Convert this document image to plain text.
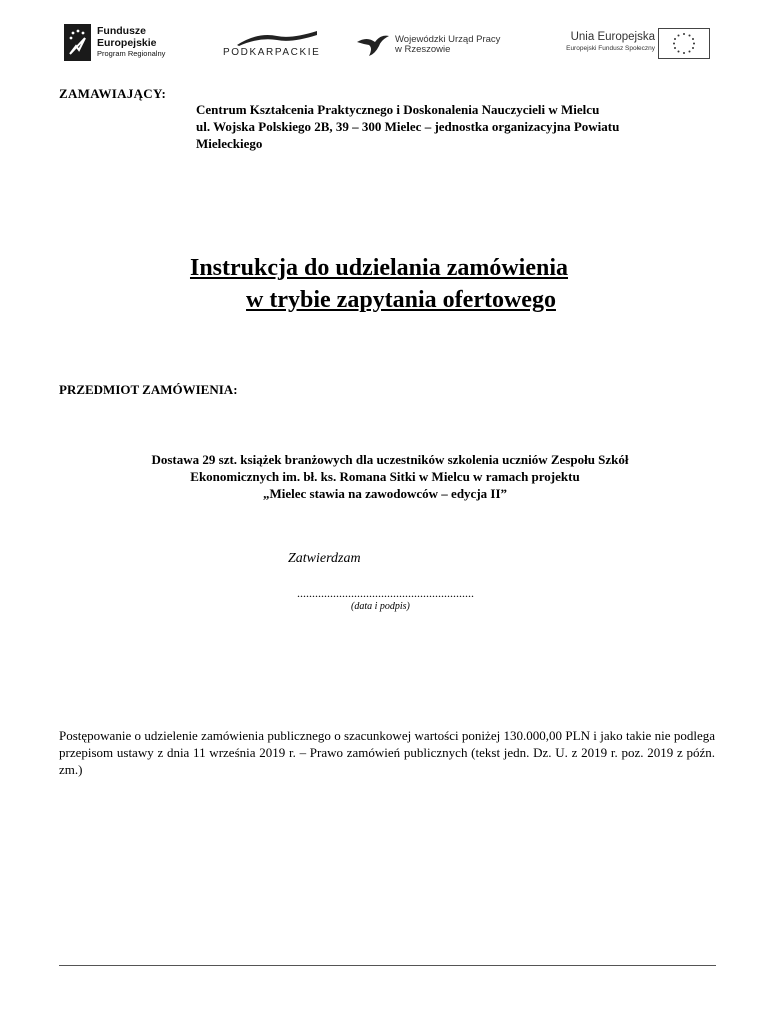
Fundusze
Europejskie
Program Regionalny	PODKARPACKIE
Wojewódzki Urząd Pracy
w Rzeszowie
Unia Europejska
Europejski Fundusz Społeczny
ZAMAWIAJĄCY:
Centrum Kształcenia Praktycznego i Doskonalenia Nauczycieli w Mielcu
ul. Wojska Polskiego 2B, 39 – 300 Mielec – jednostka organizacyjna Powiatu
Mieleckiego
Instrukcja do udzielania zamówienia
w trybie zapytania ofertowego
PRZEDMIOT ZAMÓWIENIA:
Dostawa 29 szt. książek branżowych dla uczestników szkolenia uczniów Zespołu Szkół
Ekonomicznych im. bł. ks. Romana Sitki w Mielcu w ramach projektu
„Mielec stawia na zawodowców – edycja II”
Zatwierdzam
...........................................................
(data i podpis)
Postępowanie o udzielenie zamówienia publicznego o szacunkowej wartości poniżej 130.000,00 PLN i jako takie nie podlega przepisom ustawy z dnia 11 września 2019 r. – Prawo zamówień publicznych (tekst jedn. Dz. U. z 2019 r. poz. 2019 z późn. zm.)
